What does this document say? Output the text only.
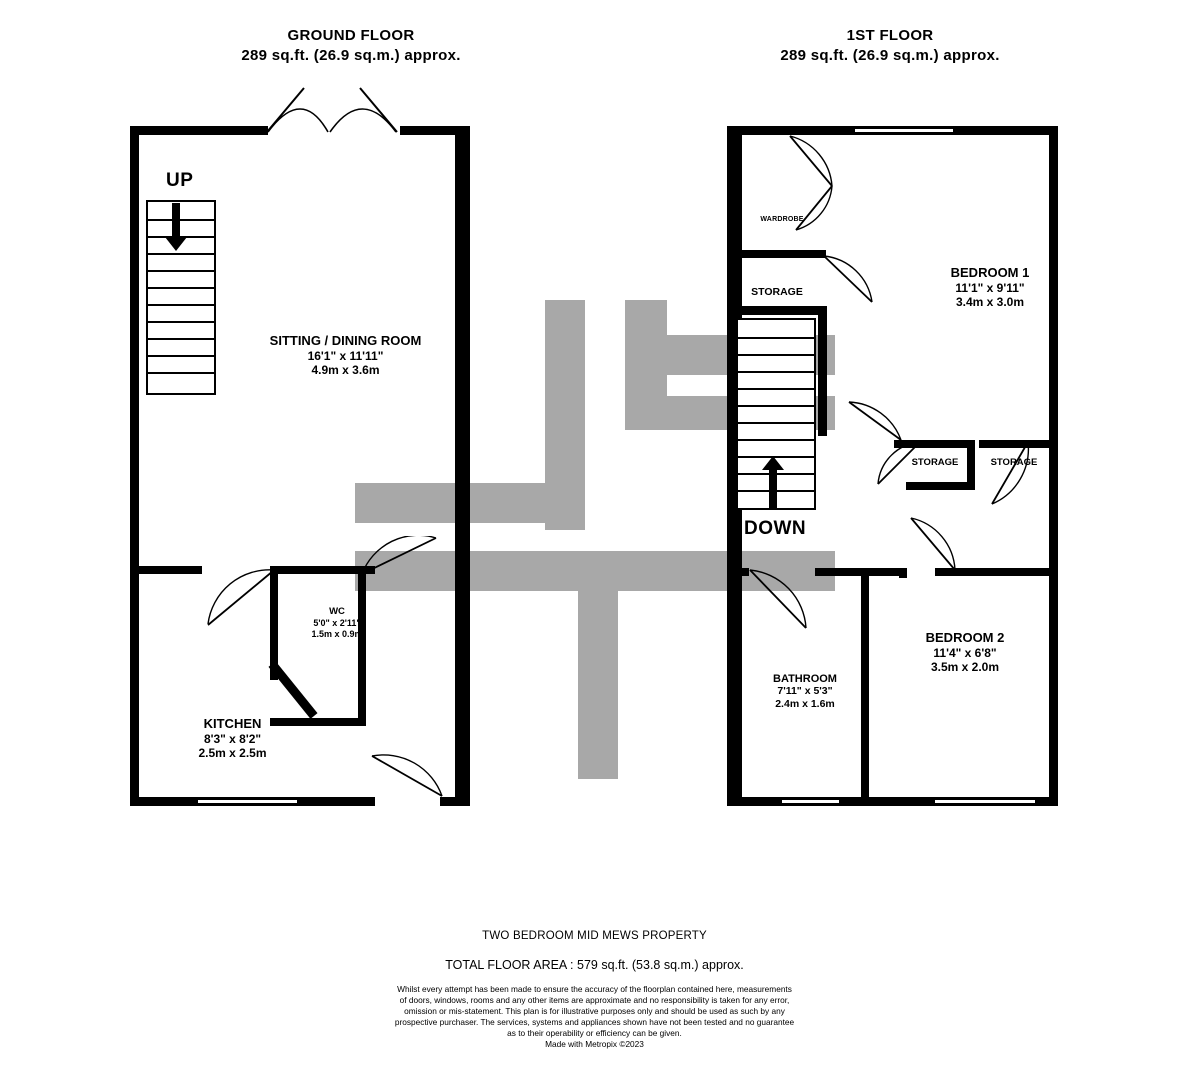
GROUND FLOOR
289 sq.ft. (26.9 sq.m.) approx.
1ST FLOOR
289 sq.ft. (26.9 sq.m.) approx.
UP
SITTING / DINING ROOM
16'1" x 11'11"
4.9m x 3.6m
WC
5'0" x 2'11"
1.5m x 0.9m
KITCHEN
8'3" x 8'2"
2.5m x 2.5m
DOWN
WARDROBE
STORAGE
STORAGE	STORAGE
BEDROOM 1
11'1" x 9'11"
3.4m x 3.0m
BEDROOM 2
11'4" x 6'8"
3.5m x 2.0m
BATHROOM
7'11" x 5'3"
2.4m x 1.6m
TWO BEDROOM MID MEWS PROPERTY
TOTAL FLOOR AREA : 579 sq.ft. (53.8 sq.m.) approx.
Whilst every attempt has been made to ensure the accuracy of the floorplan contained here, measurements
of doors, windows, rooms and any other items are approximate and no responsibility is taken for any error,
omission or mis-statement. This plan is for illustrative purposes only and should be used as such by any
prospective purchaser. The services, systems and appliances shown have not been tested and no guarantee
as to their operability or efficiency can be given.
Made with Metropix ©2023
